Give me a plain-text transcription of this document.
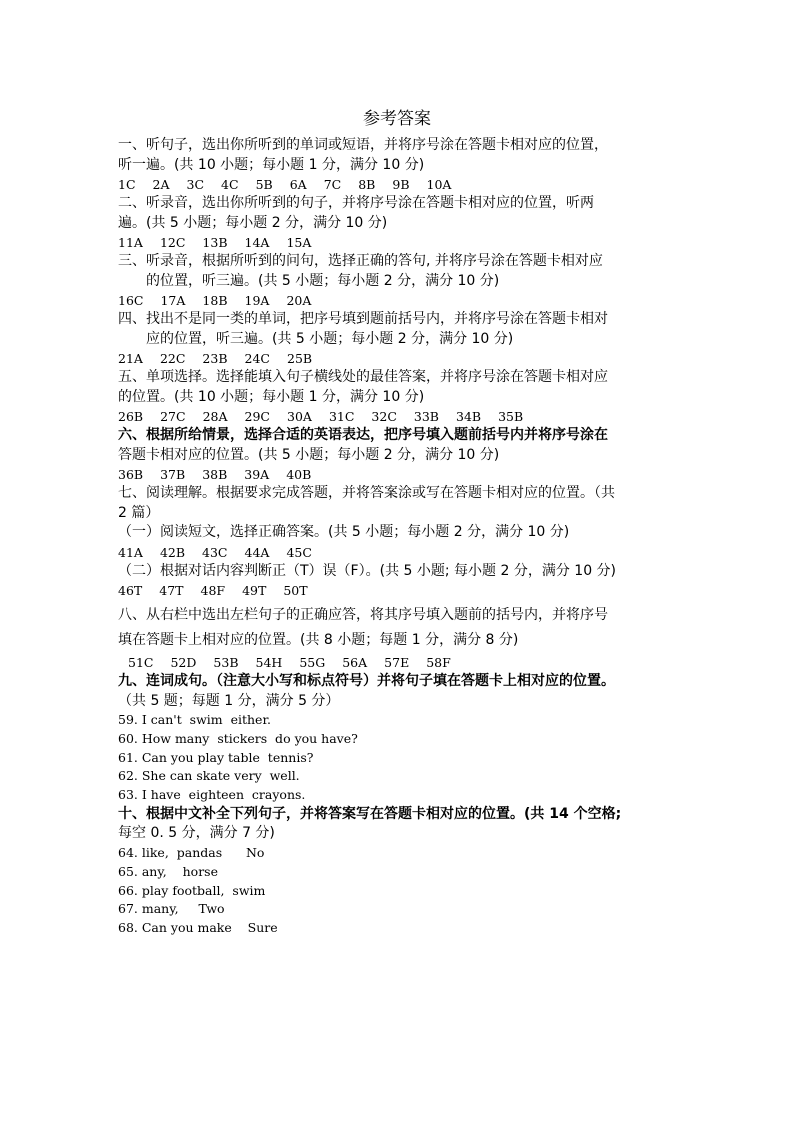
参考答案
一、听句子，选出你所听到的单词或短语，并将序号涂在答题卡相对应的位置，
听一遍。(共 10 小题；每小题 1 分，满分 10 分)
1C 2A 3C 4C 5B 6A 7C 8B 9B 10A
二、听录音，选出你所听到的句子，并将序号涂在答题卡相对应的位置，听两
遍。(共 5 小题；每小题 2 分，满分 10 分)
11A 12C 13B 14A 15A
三、听录音，根据所听到的问句，选择正确的答句, 并将序号涂在答题卡相对应
的位置，听三遍。(共 5 小题；每小题 2 分，满分 10 分)
16C 17A 18B 19A 20A
四、找出不是同一类的单词，把序号填到题前括号内，并将序号涂在答题卡相对
应的位置，听三遍。(共 5 小题；每小题 2 分，满分 10 分)
21A 22C 23B 24C 25B
五、单项选择。选择能填入句子横线处的最佳答案，并将序号涂在答题卡相对应
的位置。(共 10 小题；每小题 1 分，满分 10 分)
26B 27C 28A 29C 30A 31C 32C 33B 34B 35B
六、根据所给情景，选择合适的英语表达，把序号填入题前括号内并将序号涂在
答题卡相对应的位置。(共 5 小题；每小题 2 分，满分 10 分)
36B 37B 38B 39A 40B
七、阅读理解。根据要求完成答题，并将答案涂或写在答题卡相对应的位置。（共
2 篇）
（一）阅读短文，选择正确答案。(共 5 小题；每小题 2 分，满分 10 分)
41A 42B 43C 44A 45C
（二）根据对话内容判断正（T）误（F）。(共 5 小题; 每小题 2 分，满分 10 分)
46T 47T 48F 49T 50T
八、从右栏中选出左栏句子的正确应答，将其序号填入题前的括号内，并将序号
填在答题卡上相对应的位置。(共 8 小题；每题 1 分，满分 8 分)
51C 52D 53B 54H 55G 56A 57E 58F
九、连词成句。（注意大小写和标点符号）并将句子填在答题卡上相对应的位置。
（共 5 题；每题 1 分，满分 5 分）
59. I can't  swim  either.
60. How many  stickers  do you have?
61. Can you play table  tennis?
62. She can skate very  well.
63. I have  eighteen  crayons.
十、根据中文补全下列句子，并将答案写在答题卡相对应的位置。(共 14 个空格;
每空 0. 5 分，满分 7 分)
64. like,  pandas      No
65. any,    horse
66. play football,  swim
67. many,     Two
68. Can you make    Sure
